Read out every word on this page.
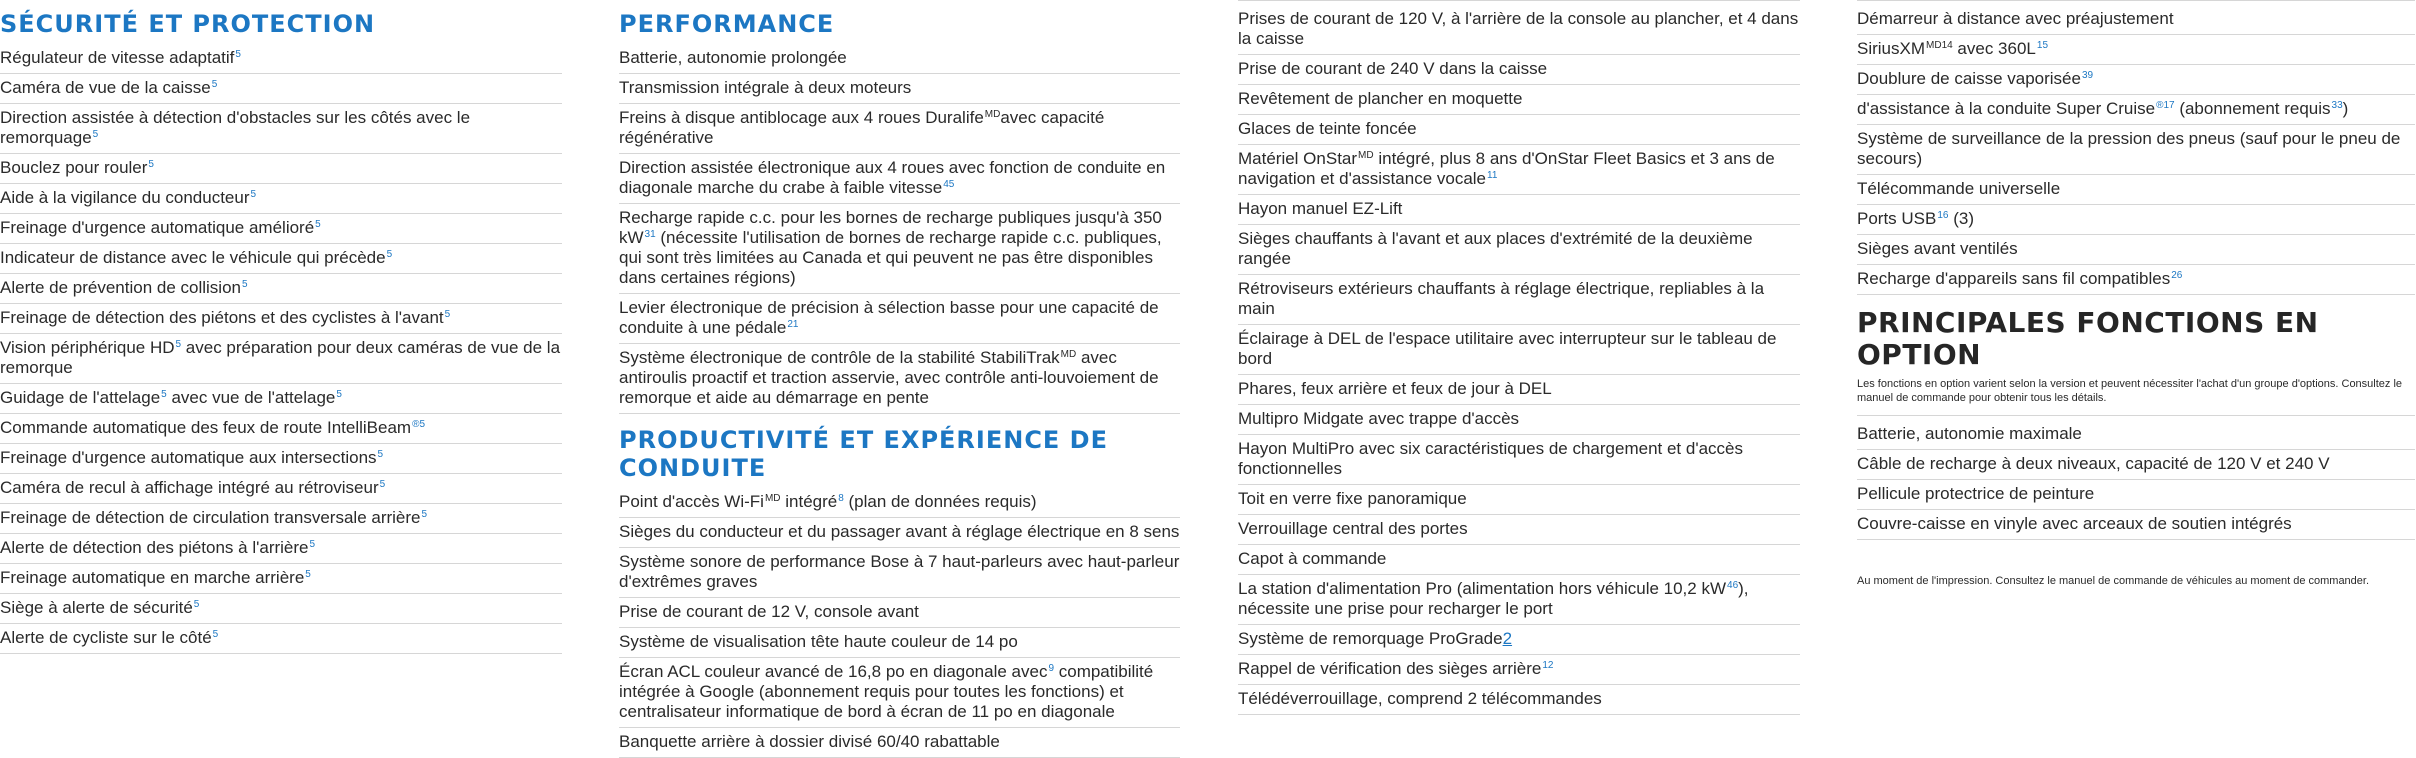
SÉCURITÉ ET PROTECTION
Régulateur de vitesse adaptatif$^5$
Caméra de vue de la caisse$^5$
Direction assistée à détection d'obstacles sur les côtés avec le remorquage$^5$
Bouclez pour rouler$^5$
Aide à la vigilance du conducteur$^5$
Freinage d'urgence automatique amélioré$^5$
Indicateur de distance avec le véhicule qui précède$^5$
Alerte de prévention de collision$^5$
Freinage de détection des piétons et des cyclistes à l'avant$^5$
Vision périphérique $HD^5$ avec préparation pour deux caméras de vue de la remorque
Guidage de l'attelage$^5$ avec vue de l'attelage$^5$
Commande automatique des feux de route IntelliBeam$^{®5}$
Freinage d'urgence automatique aux intersections$^5$
Caméra de recul à affichage intégré au rétroviseur$^5$
Freinage de détection de circulation transversale arrière$^5$
Alerte de détection des piétons à l'arrière$^5$
Freinage automatique en marche arrière$^5$
Siège à alerte de sécurité$^5$
Alerte de cycliste sur le côté$^5$
PERFORMANCE
Batterie, autonomie prolongée
Transmission intégrale à deux moteurs
Freins à disque antiblocage aux 4 roues Duralife$^{MD}$avec capacité régénérative
Direction assistée électronique aux 4 roues avec fonction de conduite en diagonale marche du crabe à faible vitesse$^{45}$
Recharge rapide c.c. pour les bornes de recharge publiques jusqu'à 350 $kW^{31}$ (nécessite l'utilisation de bornes de recharge rapide c.c. publiques, qui sont très limitées au Canada et qui peuvent ne pas être disponibles dans certaines régions)
Levier électronique de précision à sélection basse pour une capacité de conduite à une pédale$^{21}$
Système électronique de contrôle de la stabilité StabiliTrak$^{MD}$ avec antiroulis proactif et traction asservie, avec contrôle anti-louvoiement de remorque et aide au démarrage en pente
PRODUCTIVITÉ ET EXPÉRIENCE DE CONDUITE
Point d'accès $Wi-Fi^{MD}$ intégré$^8$ (plan de données requis)
Sièges du conducteur et du passager avant à réglage électrique en 8 sens
Système sonore de performance Bose à 7 haut-parleurs avec haut-parleur d'extrêmes graves
Prise de courant de 12 V, console avant
Système de visualisation tête haute couleur de 14 po
Écran ACL couleur avancé de 16,8 po en diagonale avec$^9$ compatibilité intégrée à Google (abonnement requis pour toutes les fonctions) et centralisateur informatique de bord à écran de 11 po en diagonale
Banquette arrière à dossier divisé 60/40 rabattable
Prises de courant de 120 V, à l'arrière de la console au plancher, et 4 dans la caisse
Prise de courant de 240 V dans la caisse
Revêtement de plancher en moquette
Glaces de teinte foncée
Matériel OnStar$^{MD}$ intégré, plus 8 ans d'OnStar Fleet Basics et 3 ans de navigation et d'assistance vocale$^{11}$
Hayon manuel EZ-Lift
Sièges chauffants à l'avant et aux places d'extrémité de la deuxième rangée
Rétroviseurs extérieurs chauffants à réglage électrique, repliables à la main
Éclairage à DEL de l'espace utilitaire avec interrupteur sur le tableau de bord
Phares, feux arrière et feux de jour à DEL
Multipro Midgate avec trappe d'accès
Hayon MultiPro avec six caractéristiques de chargement et d'accès fonctionnelles
Toit en verre fixe panoramique
Verrouillage central des portes
Capot à commande
La station d'alimentation Pro (alimentation hors véhicule 10,2 $kW^{46}$), nécessite une prise pour recharger le port
Système de remorquage ProGrade2
Rappel de vérification des sièges arrière$^{12}$
Télédéverrouillage, comprend 2 télécommandes
Démarreur à distance avec préajustement
SiriusXM$^{MD14}$ avec $360L^{15}$
Doublure de caisse vaporisée$^{39}$
d'assistance à la conduite Super Cruise$^{®17}$ (abonnement requis$^{33}$)
Système de surveillance de la pression des pneus (sauf pour le pneu de secours)
Télécommande universelle
Ports USB$^{16}$ (3)
Sièges avant ventilés
Recharge d'appareils sans fil compatibles$^{26}$
PRINCIPALES FONCTIONS EN OPTION
Les fonctions en option varient selon la version et peuvent nécessiter l'achat d'un groupe d'options. Consultez le manuel de commande pour obtenir tous les détails.
Batterie, autonomie maximale
Câble de recharge à deux niveaux, capacité de 120 V et 240 V
Pellicule protectrice de peinture
Couvre-caisse en vinyle avec arceaux de soutien intégrés
Au moment de l'impression. Consultez le manuel de commande de véhicules au moment de commander.
